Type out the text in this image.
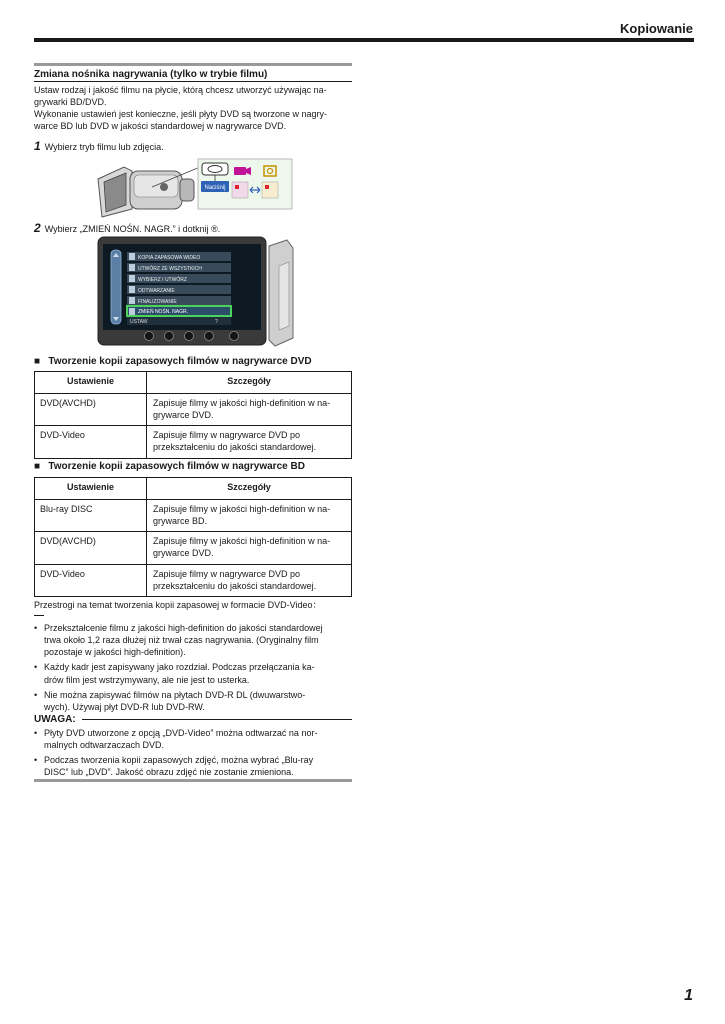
Kopiowanie
Zmiana nośnika nagrywania (tylko w trybie filmu)

Ustaw rodzaj i jakość filmu na płycie, którą chcesz utworzyć używając na-

grywarki BD/DVD.

Wykonanie ustawień jest konieczne, jeśli płyty DVD są tworzone w nagry-

warce BD lub DVD w jakości standardowej w nagrywarce DVD.

1 Wybierz tryb filmu lub zdjęcia.
Naciśnij
2 Wybierz „ZMIEŃ NOŚN. NAGR.” i dotknij ®.
KOPIA ZAPASOWA WIDEO
UTWÓRZ ZE WSZYSTKICH
WYBIERZ I UTWÓRZ
ODTWARZANIE
FINALIZOWANIE
ZMIEŃ NOŚN. NAGR.
USTAW	?
■   Tworzenie kopii zapasowych filmów w nagrywarce DVD
Ustawienie	Szczegóły
DVD(AVCHD)	Zapisuje filmy w jakości high-definition w na-
grywarce DVD.

DVD-Video	Zapisuje filmy w nagrywarce DVD po
przekształceniu do jakości standardowej.
■   Tworzenie kopii zapasowych filmów w nagrywarce BD
Ustawienie	Szczegóły
Blu-ray DISC	Zapisuje filmy w jakości high-definition w na-
grywarce BD.

DVD(AVCHD)	Zapisuje filmy w jakości high-definition w na-
grywarce DVD.

DVD-Video	Zapisuje filmy w nagrywarce DVD po
przekształceniu do jakości standardowej.
Przestrogi na temat tworzenia kopii zapasowej w formacie DVD-Video：
• Przekształcenie filmu z jakości high-definition do jakości standardowej
trwa około 1,2 raza dłużej niż trwał czas nagrywania. (Oryginalny film
pozostaje w jakości high-definition).
• Każdy kadr jest zapisywany jako rozdział. Podczas przełączania ka-
drów film jest wstrzymywany, ale nie jest to usterka.
• Nie można zapisywać filmów na płytach DVD-R DL (dwuwarstwo-
wych). Używaj płyt DVD-R lub DVD-RW.
UWAGA:
• Płyty DVD utworzone z opcją „DVD-Video” można odtwarzać na nor-
malnych odtwarzaczach DVD.
• Podczas tworzenia kopii zapasowych zdjęć, można wybrać „Blu-ray
DISC” lub „DVD”. Jakość obrazu zdjęć nie zostanie zmieniona.
1
